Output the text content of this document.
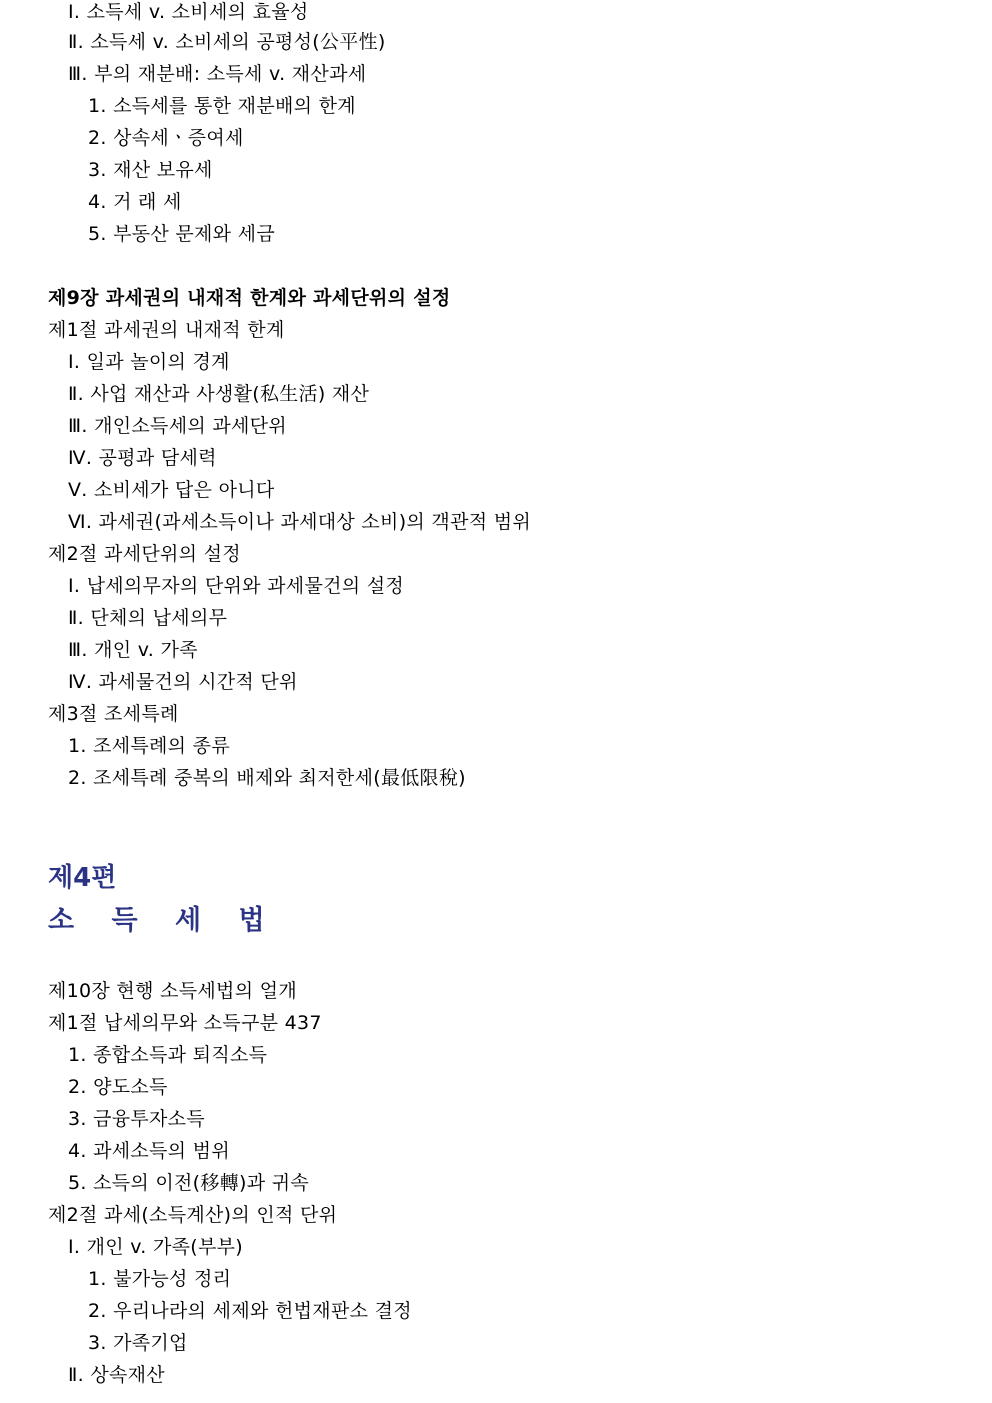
Ⅰ. 소득세 v. 소비세의 효율성
Ⅱ. 소득세 v. 소비세의 공평성(公平性)
Ⅲ. 부의 재분배: 소득세 v. 재산과세
1. 소득세를 통한 재분배의 한계
2. 상속세ㆍ증여세
3. 재산 보유세
4. 거 래 세
5. 부동산 문제와 세금
제9장 과세권의 내재적 한계와 과세단위의 설정
제1절 과세권의 내재적 한계
Ⅰ. 일과 놀이의 경계
Ⅱ. 사업 재산과 사생활(私生活) 재산
Ⅲ. 개인소득세의 과세단위
Ⅳ. 공평과 담세력
Ⅴ. 소비세가 답은 아니다
Ⅵ. 과세권(과세소득이나 과세대상 소비)의 객관적 범위
제2절 과세단위의 설정
Ⅰ. 납세의무자의 단위와 과세물건의 설정
Ⅱ. 단체의 납세의무
Ⅲ. 개인 v. 가족
Ⅳ. 과세물건의 시간적 단위
제3절 조세특례
1. 조세특례의 종류
2. 조세특례 중복의 배제와 최저한세(最低限稅)
제4편
소 득 세 법
제10장 현행 소득세법의 얼개
제1절 납세의무와 소득구분 437
1. 종합소득과 퇴직소득
2. 양도소득
3. 금융투자소득
4. 과세소득의 범위
5. 소득의 이전(移轉)과 귀속
제2절 과세(소득계산)의 인적 단위
Ⅰ. 개인 v. 가족(부부)
1. 불가능성 정리
2. 우리나라의 세제와 헌법재판소 결정
3. 가족기업
Ⅱ. 상속재산
